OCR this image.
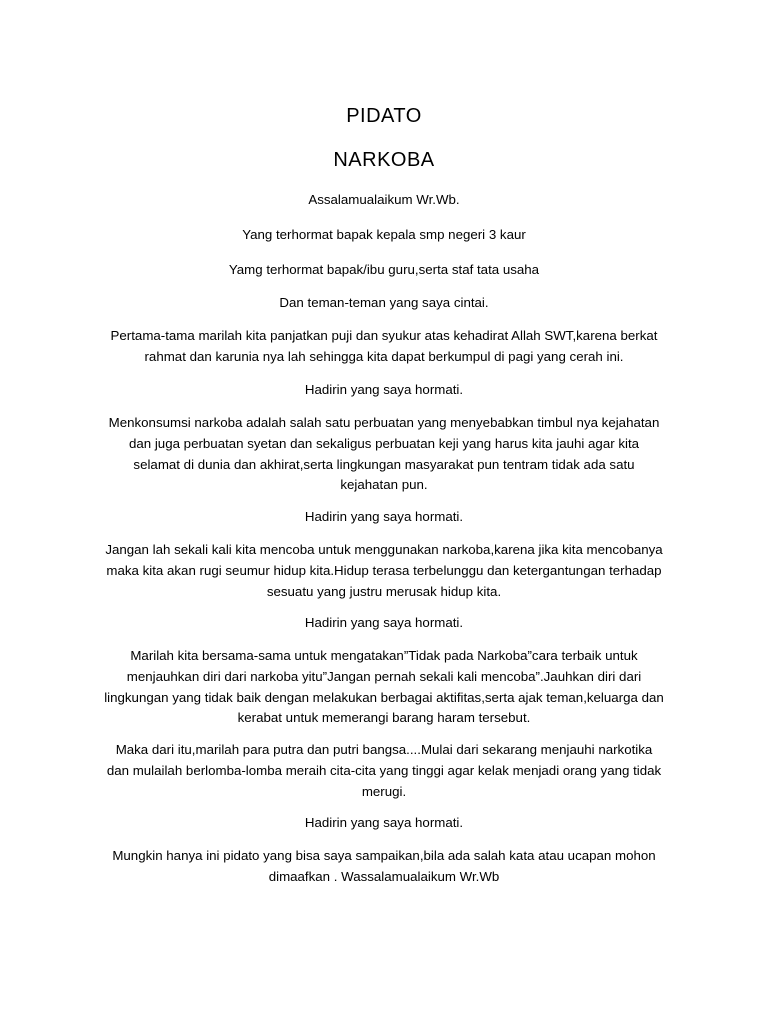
PIDATO
NARKOBA
Assalamualaikum Wr.Wb.
Yang terhormat bapak kepala smp negeri 3 kaur
Yamg terhormat bapak/ibu guru,serta staf tata usaha
Dan teman-teman yang saya cintai.
Pertama-tama marilah kita panjatkan puji dan syukur atas kehadirat Allah SWT,karena berkat rahmat dan karunia nya lah sehingga kita dapat berkumpul di pagi yang cerah ini.
Hadirin yang saya hormati.
Menkonsumsi narkoba adalah salah satu perbuatan yang menyebabkan timbul nya kejahatan dan juga perbuatan syetan dan sekaligus perbuatan keji yang harus kita jauhi agar kita selamat di dunia dan akhirat,serta lingkungan masyarakat pun tentram tidak ada satu kejahatan pun.
Hadirin yang saya hormati.
Jangan lah sekali kali kita mencoba untuk menggunakan narkoba,karena jika kita mencobanya maka kita akan rugi seumur hidup kita.Hidup terasa terbelunggu dan ketergantungan terhadap sesuatu yang justru merusak hidup kita.
Hadirin yang saya hormati.
Marilah kita bersama-sama untuk mengatakan”Tidak pada Narkoba”cara terbaik untuk menjauhkan diri dari narkoba yitu”Jangan pernah sekali kali mencoba”.Jauhkan diri dari lingkungan yang tidak baik dengan melakukan berbagai aktifitas,serta ajak teman,keluarga dan kerabat untuk memerangi barang haram tersebut.
Maka dari itu,marilah para putra dan putri bangsa....Mulai dari sekarang menjauhi narkotika dan mulailah berlomba-lomba meraih cita-cita yang tinggi agar kelak menjadi orang yang tidak merugi.
Hadirin yang saya hormati.
Mungkin hanya ini pidato yang bisa saya sampaikan,bila ada salah kata atau ucapan mohon dimaafkan . Wassalamualaikum Wr.Wb
